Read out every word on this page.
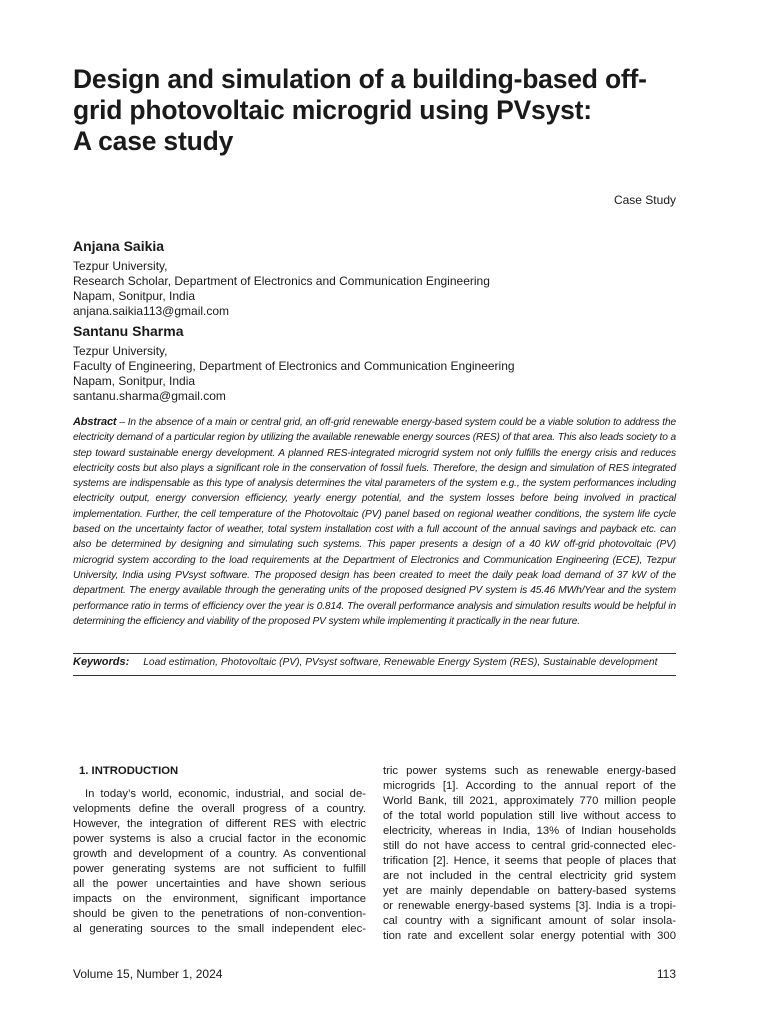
Design and simulation of a building-based off-
grid photovoltaic microgrid using PVsyst:
A case study
Case Study
Anjana Saikia
Tezpur University,
Research Scholar, Department of Electronics and Communication Engineering
Napam, Sonitpur, India
anjana.saikia113@gmail.com
Santanu Sharma
Tezpur University,
Faculty of Engineering, Department of Electronics and Communication Engineering
Napam, Sonitpur, India
santanu.sharma@gmail.com
Abstract – In the absence of a main or central grid, an off-grid renewable energy-based system could be a viable solution to address the electricity demand of a particular region by utilizing the available renewable energy sources (RES) of that area. This also leads society to a step toward sustainable energy development. A planned RES-integrated microgrid system not only fulfills the energy crisis and reduces electricity costs but also plays a significant role in the conservation of fossil fuels. Therefore, the design and simulation of RES integrated systems are indispensable as this type of analysis determines the vital parameters of the system e.g., the system performances including electricity output, energy conversion efficiency, yearly energy potential, and the system losses before being involved in practical implementation. Further, the cell temperature of the Photovoltaic (PV) panel based on regional weather conditions, the system life cycle based on the uncertainty factor of weather, total system installation cost with a full account of the annual savings and payback etc. can also be determined by designing and simulating such systems. This paper presents a design of a 40 kW off-grid photovoltaic (PV) microgrid system according to the load requirements at the Department of Electronics and Communication Engineering (ECE), Tezpur University, India using PVsyst software. The proposed design has been created to meet the daily peak load demand of 37 kW of the department. The energy available through the generating units of the proposed designed PV system is 45.46 MWh/Year and the system performance ratio in terms of efficiency over the year is 0.814. The overall performance analysis and simulation results would be helpful in determining the efficiency and viability of the proposed PV system while implementing it practically in the near future.
Keywords: Load estimation, Photovoltaic (PV), PVsyst software, Renewable Energy System (RES), Sustainable development
1. INTRODUCTION

In today’s world, economic, industrial, and social de-
velopments define the overall progress of a country.
However, the integration of different RES with electric
power systems is also a crucial factor in the economic
growth and development of a country. As conventional
power generating systems are not sufficient to fulfill
all the power uncertainties and have shown serious
impacts on the environment, significant importance
should be given to the penetrations of non-convention-
al generating sources to the small independent elec-

tric power systems such as renewable energy-based
microgrids [1]. According to the annual report of the
World Bank, till 2021, approximately 770 million people
of the total world population still live without access to
electricity, whereas in India, 13% of Indian households
still do not have access to central grid-connected elec-
trification [2]. Hence, it seems that people of places that
are not included in the central electricity grid system
yet are mainly dependable on battery-based systems
or renewable energy-based systems [3]. India is a tropi-
cal country with a significant amount of solar insola-
tion rate and excellent solar energy potential with 300

Volume 15, Number 1, 2024	113
